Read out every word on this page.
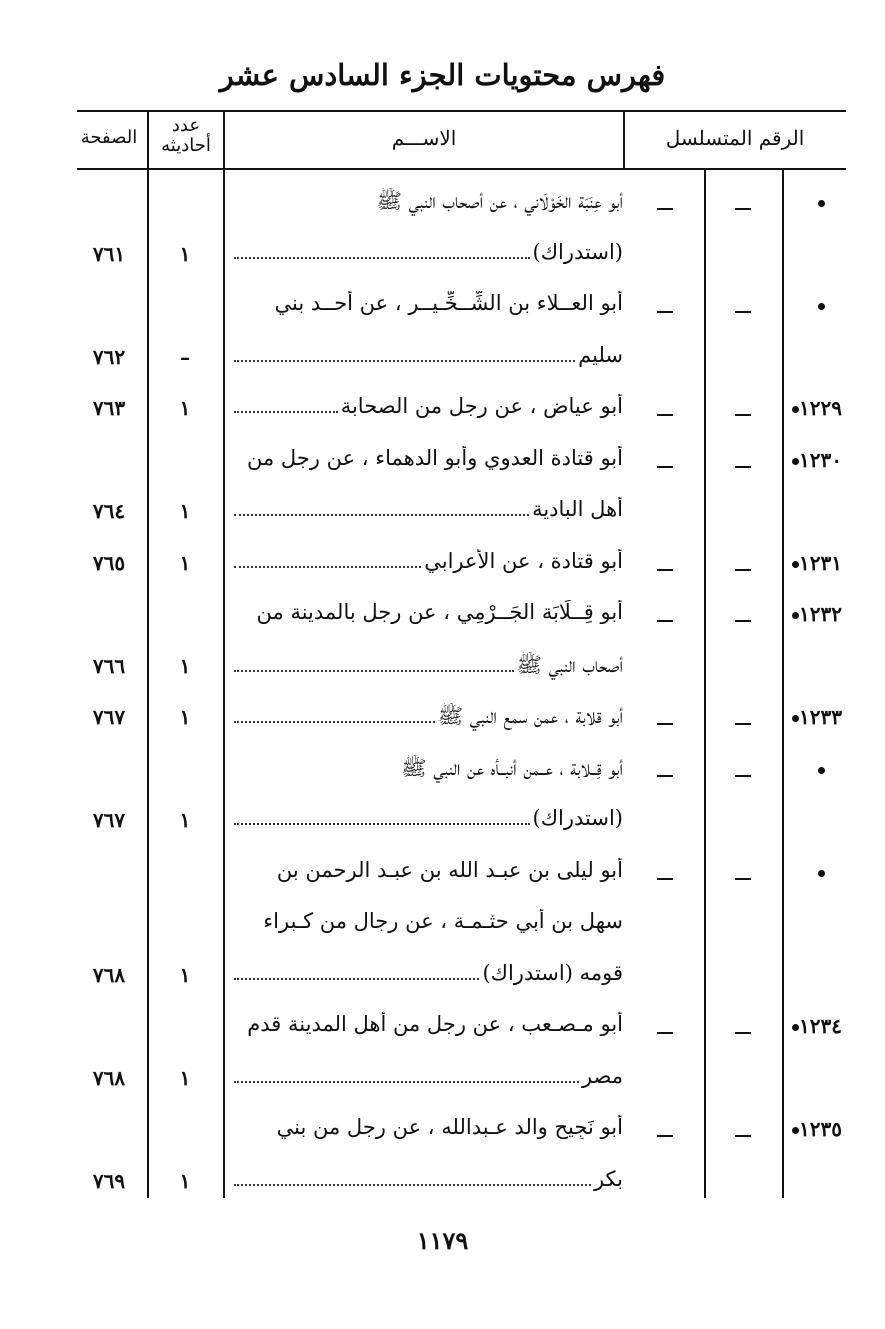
فهرس محتويات الجزء السادس عشر
الصفحة
عدد
أحاديثه	الاســـم	الرقم المتسلسل
أبو عِنَبَة الخَوْلَاني ، عن أصحاب النبي ﷺ
(استدراك)
١
٧٦١
أبو العــلاء بن الشِّــخِّـيــر ، عن أحــد بني
سليم
–
٧٦٢
١٢٢٩
أبو عياض ، عن رجل من الصحابة
١
٧٦٣
١٢٣٠
أبو قتادة العدوي وأبو الدهماء ، عن رجل من
أهل البادية
١
٧٦٤
١٢٣١
أبو قتادة ، عن الأعرابي
١
٧٦٥
١٢٣٢
أبو قِــلَابَة الجَــرْمِي ، عن رجل بالمدينة من
أصحاب النبي ﷺ
١
٧٦٦
١٢٣٣
أبو قلابة ، عمن سمع النبي ﷺ
١
٧٦٧
أبو قِــلابة ، عــمن أنبــأه عن النبي ﷺ
(استدراك)
١
٧٦٧
أبو ليلى بن عبـد الله بن عبـد الرحمن بن
سهل بن أبي حثـمـة ، عن رجال من كـبراء
قومه (استدراك)
١
٧٦٨
١٢٣٤
أبو مـصـعب ، عن رجل من أهل المدينة قدم
مصر
١
٧٦٨
١٢٣٥
أبو نَجِيح والد عـبدالله ، عن رجل من بني
بكر
١
٧٦٩
١١٧٩
